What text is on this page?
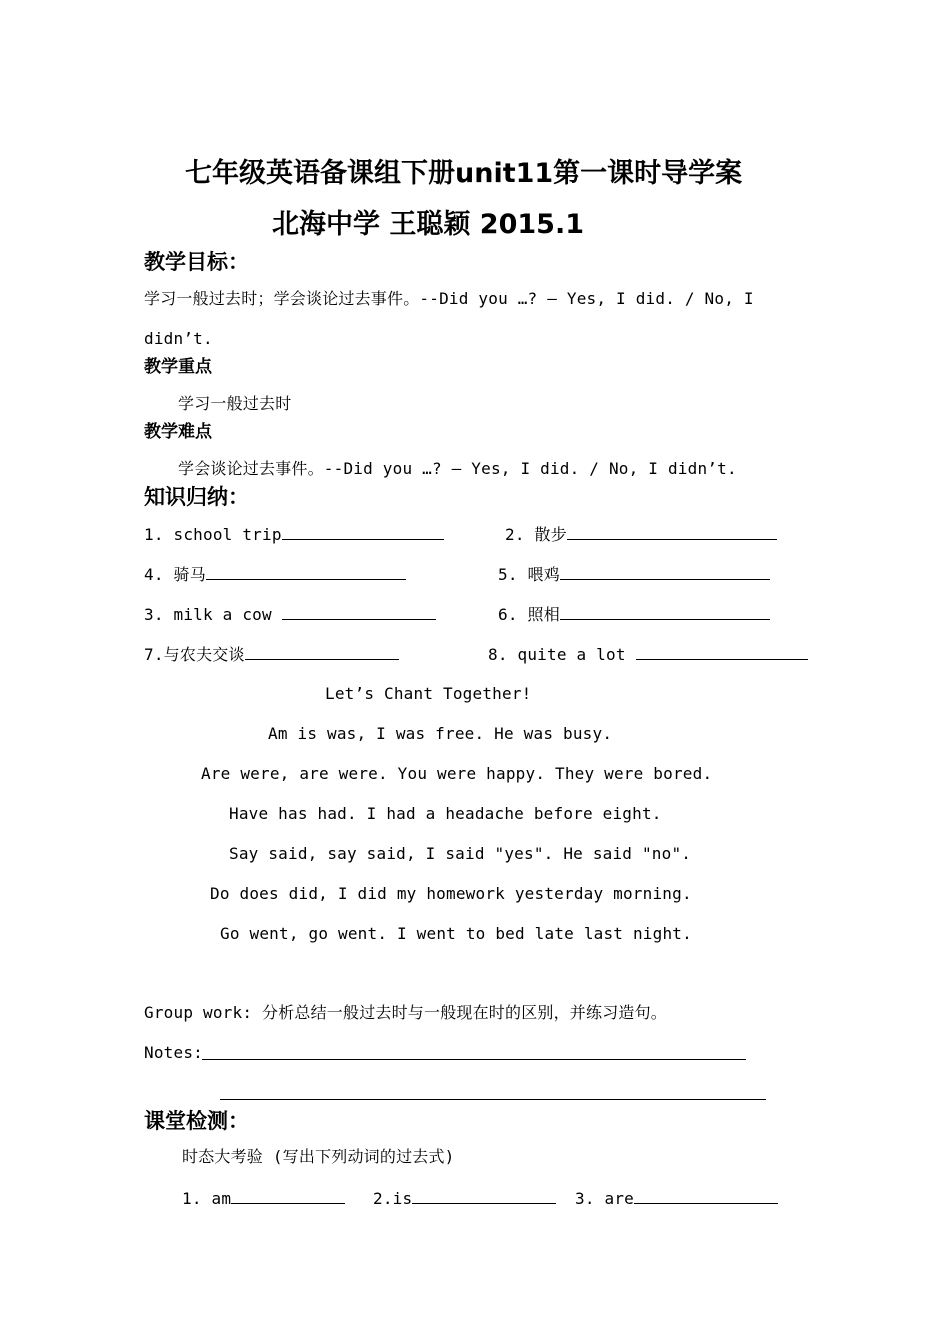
七年级英语备课组下册unit11第一课时导学案
北海中学 王聪颖 2015.1
教学目标：
学习一般过去时；学会谈论过去事件。--Did you …? – Yes, I did. / No, I
didn’t.
教学重点
学习一般过去时
教学难点
学会谈论过去事件。--Did you …? – Yes, I did. / No, I didn’t.
知识归纳：
1. school trip	2. 散步
4. 骑马	5. 喂鸡
3. milk a cow	6. 照相
7.与农夫交谈	8. quite a lot
Let’s Chant Together!
Am is was, I was free. He was busy.
Are were, are were. You were happy. They were bored.
Have has had. I had a headache before eight.
Say said, say said, I said "yes". He said "no".
Do does did, I did my homework yesterday morning.
Go went, go went. I went to bed late last night.
Group work: 分析总结一般过去时与一般现在时的区别，并练习造句。
Notes:
课堂检测：
时态大考验 (写出下列动词的过去式)
1. am	2.is	3. are
